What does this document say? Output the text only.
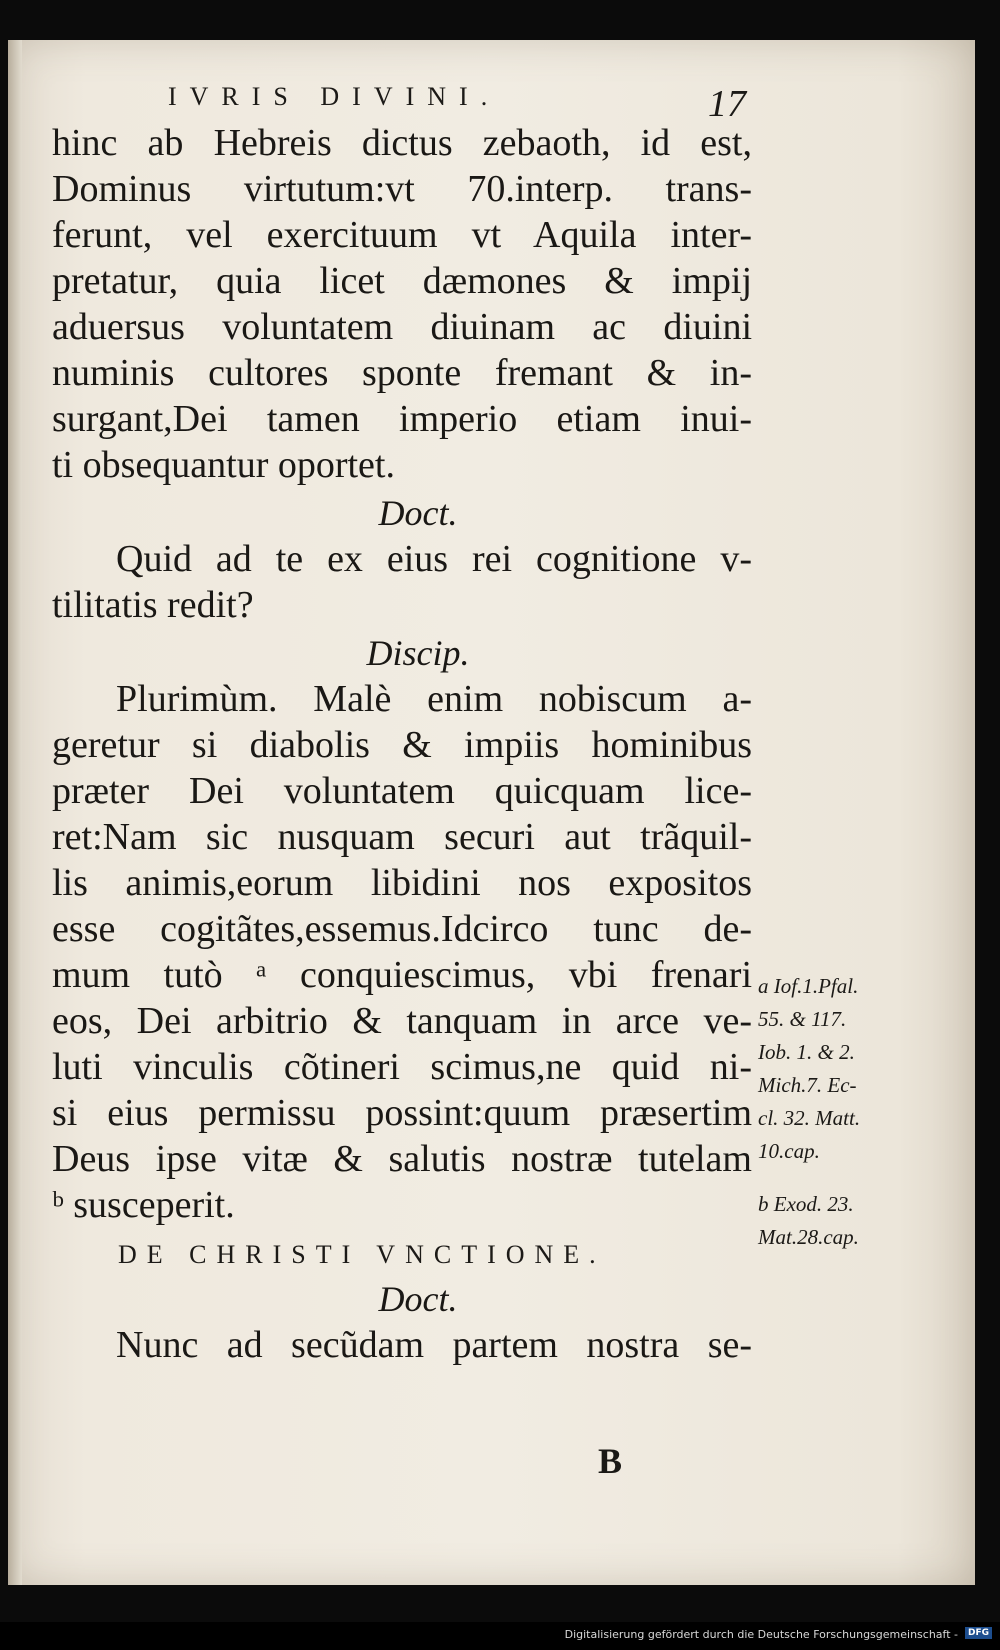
IVRIS DIVINI.	17
hinc ab Hebreis dictus zebaoth, id est,
Dominus virtutum:vt 70.interp. trans-
ferunt, vel exercituum vt Aquila inter-
pretatur, quia licet dæmones & impij
aduersus voluntatem diuinam ac diuini
numinis cultores sponte fremant & in-
surgant,Dei tamen imperio etiam inui-
ti obsequantur oportet.
Doct.
Quid ad te ex eius rei cognitione v-
tilitatis redit?
Discip.
Plurimùm. Malè enim nobiscum a-
geretur si diabolis & impiis hominibus
præter Dei voluntatem quicquam lice-
ret:Nam sic nusquam securi aut trãquil-
lis animis,eorum libidini nos expositos
esse cogitãtes,essemus.Idcirco tunc de-
mum tutò ᵃ conquiescimus, vbi frenari
eos, Dei arbitrio & tanquam in arce ve-
luti vinculis cõtineri scimus,ne quid ni-
si eius permissu possint:quum præsertim
Deus ipse vitæ & salutis nostræ tutelam
ᵇ susceperit.
DE CHRISTI VNCTIONE.
Doct.
Nunc ad secũdam partem nostra se-
B
a Iof.1.Pfal.
55. & 117.
Iob. 1. & 2.
Mich.7. Ec-
cl. 32. Matt.
10.cap.
b Exod. 23.
Mat.28.cap.
Digitalisierung gefördert durch die Deutsche Forschungsgemeinschaft -	DFG
